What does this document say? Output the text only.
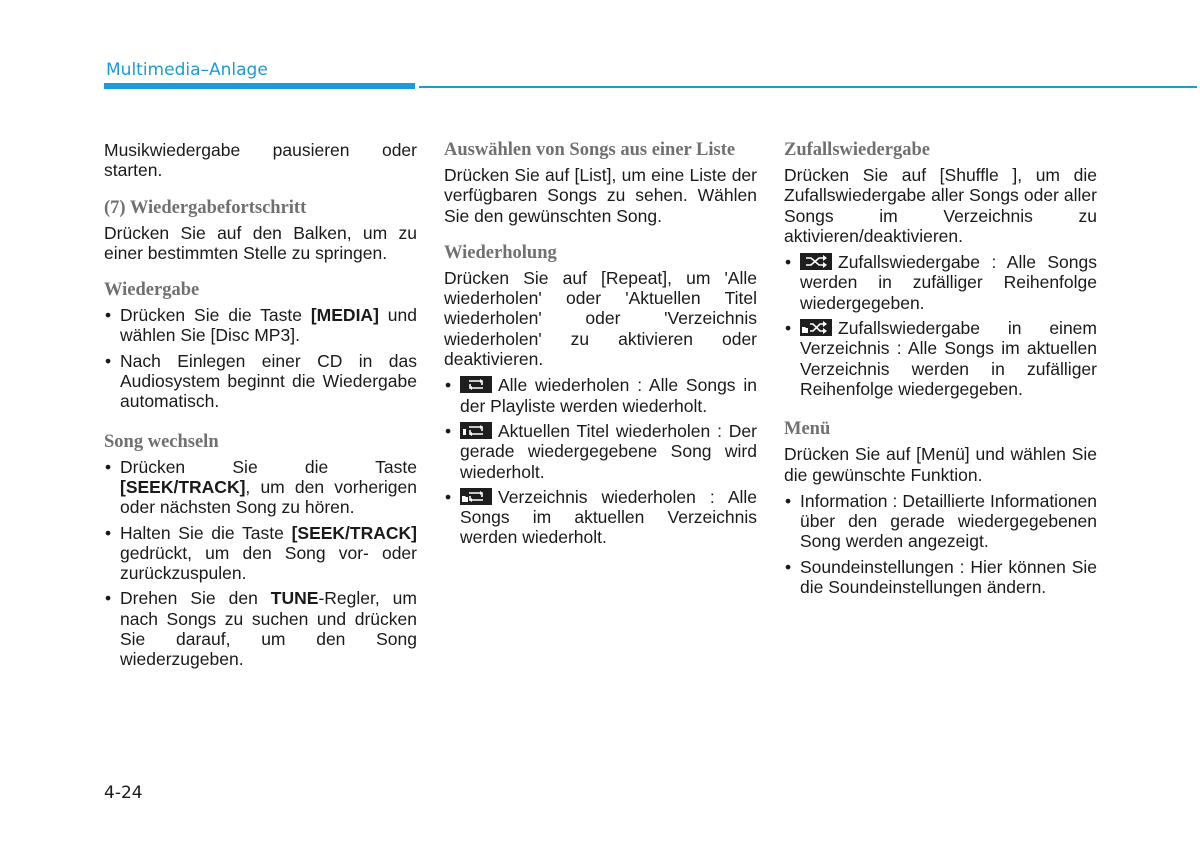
Multimedia–Anlage

Musikwiedergabe pausieren oder starten.

(7) Wiedergabefortschritt

Drücken Sie auf den Balken, um zu einer bestimmten Stelle zu springen.

Wiedergabe
• Drücken Sie die Taste [MEDIA] und wählen Sie [Disc MP3].
• Nach Einlegen einer CD in das Audiosystem beginnt die Wiedergabe automatisch.
Song wechseln
• Drücken Sie die Taste [SEEK/TRACK], um den vorherigen oder nächsten Song zu hören.
• Halten Sie die Taste [SEEK/TRACK] gedrückt, um den Song vor- oder zurückzuspulen.
• Drehen Sie den TUNE-Regler, um nach Songs zu suchen und drücken Sie darauf, um den Song wiederzugeben.
Auswählen von Songs aus einer Liste

Drücken Sie auf [List], um eine Liste der verfügbaren Songs zu sehen. Wählen Sie den gewünschten Song.

Wiederholung

Drücken Sie auf [Repeat], um 'Alle wiederholen' oder 'Aktuellen Titel wiederholen' oder 'Verzeichnis wiederholen' zu aktivieren oder deaktivieren.

• Alle wiederholen : Alle Songs in der Playliste werden wiederholt.
• Aktuellen Titel wiederholen : Der gerade wiedergegebene Song wird wiederholt.
• Verzeichnis wiederholen : Alle Songs im aktuellen Verzeichnis werden wiederholt.
Zufallswiedergabe

Drücken Sie auf [Shuffle ], um die Zufallswiedergabe aller Songs oder aller Songs im Verzeichnis zu aktivieren/deaktivieren.

• Zufallswiedergabe : Alle Songs werden in zufälliger Reihenfolge wiedergegeben.
• Zufallswiedergabe in einem Verzeichnis : Alle Songs im aktuellen Verzeichnis werden in zufälliger Reihenfolge wiedergegeben.
Menü

Drücken Sie auf [Menü] und wählen Sie die gewünschte Funktion.

• Information : Detaillierte Informationen über den gerade wiedergegebenen Song werden angezeigt.
• Soundeinstellungen : Hier können Sie die Soundeinstellungen ändern.
4-24
